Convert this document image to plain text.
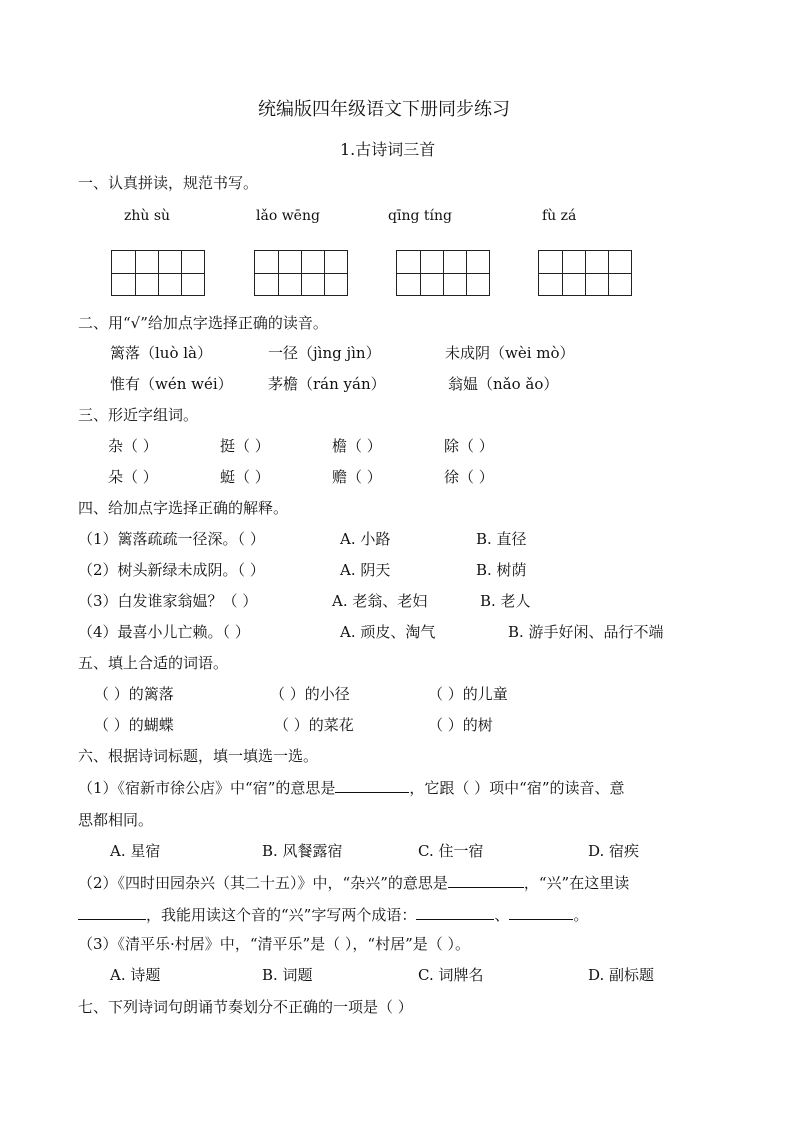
统编版四年级语文下册同步练习
1.古诗词三首
一、认真拼读，规范书写。
zhù sù	lǎo wēng	qīng tíng	fù zá
二、用“√”给加点字选择正确的读音。
篱落（luò là）	一径（jìng jìn）	未成阴（wèi mò）
惟有（wén wéi） 茅檐（rán yán）	翁媪（nǎo ǎo）
三、形近字组词。
杂（ ）	挺（ ）	檐（ ）	除（ ）
朵（ ）	蜓（ ）	赡（ ）	徐（ ）
四、给加点字选择正确的解释。
（1）篱落疏疏一径深。（ ）	A. 小路	B. 直径
（2）树头新绿未成阴。（ ）	A. 阴天	B. 树荫
（3）白发谁家翁媪？（ ）	A. 老翁、老妇	B. 老人
（4）最喜小儿亡赖。（ ）	A. 顽皮、淘气	B. 游手好闲、品行不端
五、填上合适的词语。
（ ）的篱落	（ ）的小径	（ ）的儿童
（ ）的蝴蝶	（ ）的菜花	（ ）的树
六、根据诗词标题，填一填选一选。
（1）《宿新市徐公店》中“宿”的意思是	，它跟（ ）项中“宿”的读音、意
思都相同。
A. 星宿	B. 风餐露宿	C. 住一宿	D. 宿疾
（2）《四时田园杂兴（其二十五）》中，“杂兴”的意思是	，“兴”在这里读
，我能用读这个音的“兴”字写两个成语：	、	。
（3）《清平乐·村居》中，“清平乐”是（ ），“村居”是（ ）。
A. 诗题	B. 词题	C. 词牌名	D. 副标题
七、下列诗词句朗诵节奏划分不正确的一项是（ ）
